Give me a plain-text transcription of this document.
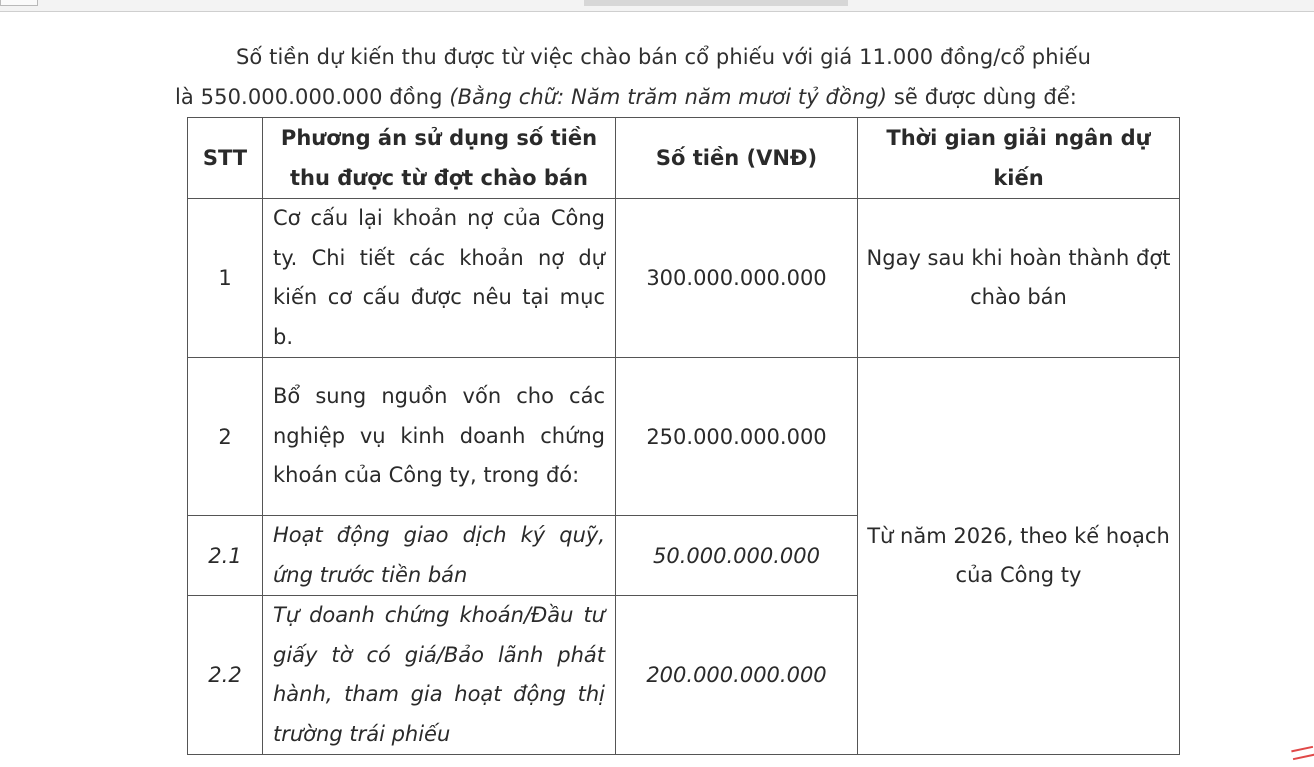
Số tiền dự kiến thu được từ việc chào bán cổ phiếu với giá 11.000 đồng/cổ phiếu
là 550.000.000.000 đồng (Bằng chữ: Năm trăm năm mươi tỷ đồng) sẽ được dùng để:
STT	Phương án sử dụng số tiền thu được từ đợt chào bán	Số tiền (VNĐ)	Thời gian giải ngân dự kiến
1	Cơ cấu lại khoản nợ của Công ty. Chi tiết các khoản nợ dự kiến cơ cấu được nêu tại mục b.	300.000.000.000	Ngay sau khi hoàn thành đợt chào bán
2	Bổ sung nguồn vốn cho các nghiệp vụ kinh doanh chứng khoán của Công ty, trong đó:	250.000.000.000	Từ năm 2026, theo kế hoạch của Công ty
2.1	Hoạt động giao dịch ký quỹ, ứng trước tiền bán	50.000.000.000	
2.2	Tự doanh chứng khoán/Đầu tư giấy tờ có giá/Bảo lãnh phát hành, tham gia hoạt động thị trường trái phiếu	200.000.000.000	
